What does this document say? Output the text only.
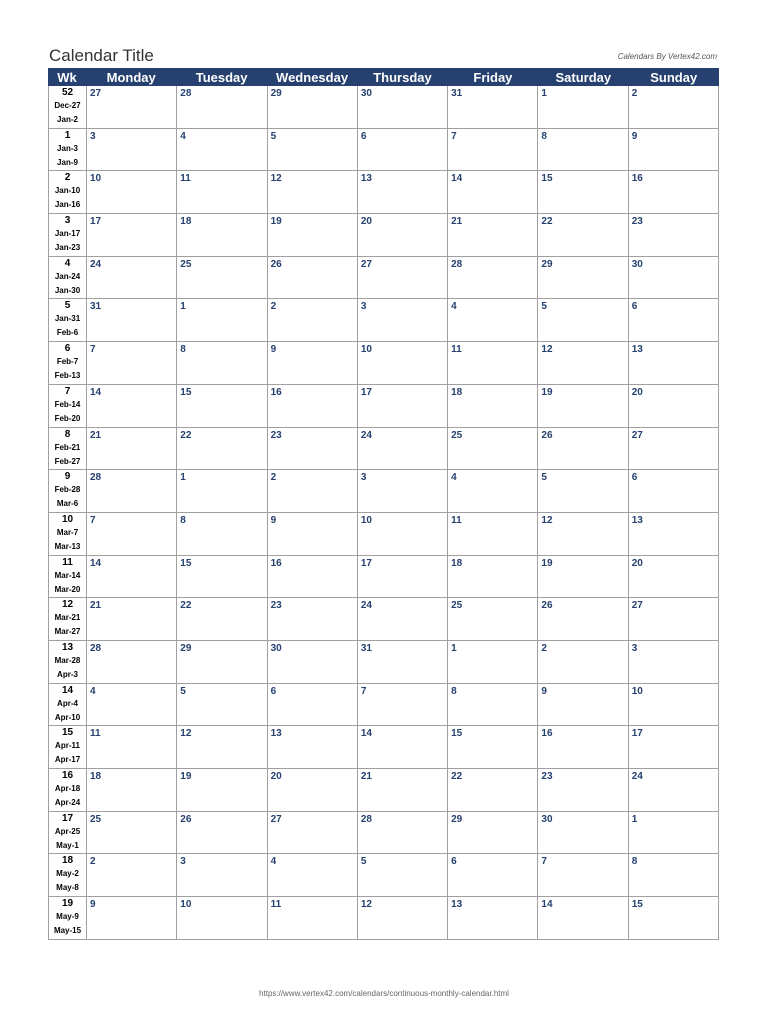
Calendar Title	Calendars By Vertex42.com
Wk	Monday	Tuesday	Wednesday	Thursday	Friday	Saturday	Sunday
52
Dec-27
Jan-2
27	28	29	30	31	1	2
1
Jan-3
Jan-9
3	4	5	6	7	8	9
2
Jan-10
Jan-16
10	11	12	13	14	15	16
3
Jan-17
Jan-23
17	18	19	20	21	22	23
4
Jan-24
Jan-30
24	25	26	27	28	29	30
5
Jan-31
Feb-6
31	1	2	3	4	5	6
6
Feb-7
Feb-13
7	8	9	10	11	12	13
7
Feb-14
Feb-20
14	15	16	17	18	19	20
8
Feb-21
Feb-27
21	22	23	24	25	26	27
9
Feb-28
Mar-6
28	1	2	3	4	5	6
10
Mar-7
Mar-13
7	8	9	10	11	12	13
11
Mar-14
Mar-20
14	15	16	17	18	19	20
12
Mar-21
Mar-27
21	22	23	24	25	26	27
13
Mar-28
Apr-3
28	29	30	31	1	2	3
14
Apr-4
Apr-10
4	5	6	7	8	9	10
15
Apr-11
Apr-17
11	12	13	14	15	16	17
16
Apr-18
Apr-24
18	19	20	21	22	23	24
17
Apr-25
May-1
25	26	27	28	29	30	1
18
May-2
May-8
2	3	4	5	6	7	8
19
May-9
May-15
9	10	11	12	13	14	15
https://www.vertex42.com/calendars/continuous-monthly-calendar.html
